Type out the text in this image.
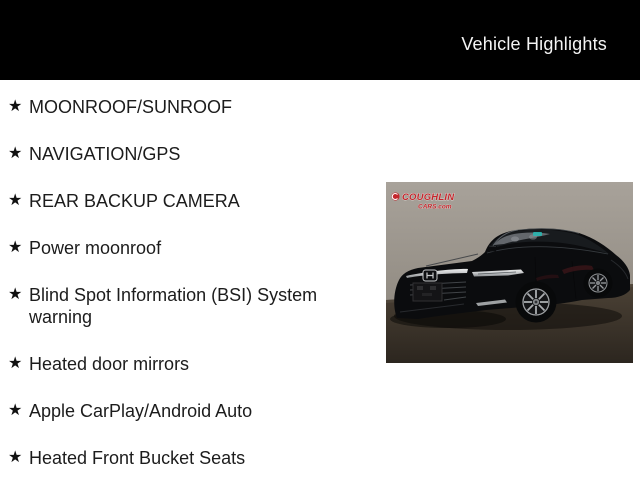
Vehicle Highlights
★ MOONROOF/SUNROOF
★ NAVIGATION/GPS
★ REAR BACKUP CAMERA
★ Power moonroof
★ Blind Spot Information (BSI) System warning
★ Heated door mirrors
★ Apple CarPlay/Android Auto
★ Heated Front Bucket Seats
COUGHLIN
CARS.com
